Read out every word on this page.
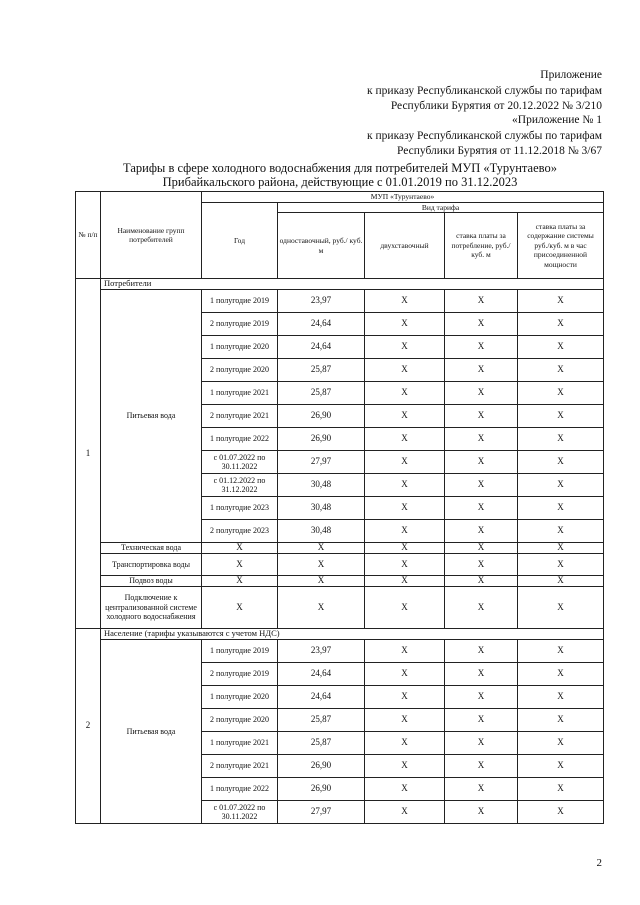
Приложение
к приказу Республиканской службы по тарифам
Республики Бурятия от 20.12.2022 № 3/210
«Приложение № 1
к приказу Республиканской службы по тарифам
Республики Бурятия от 11.12.2018 № 3/67
Тарифы в сфере холодного водоснабжения для потребителей МУП «Турунтаево»
Прибайкальского района, действующие с 01.01.2019 по 31.12.2023
№ п/п	Наименование групп потребителей	МУП «Турунтаево»				
		Год	Вид тарифа			
			одноставочный, руб./ куб. м	двухставочный	ставка платы за потребление, руб./ куб. м	ставка платы за содержание системы руб./куб. м в час присоединенной мощности
1	Потребители					
	Питьевая вода	1 полугодие 2019	23,97	Х	Х	Х
		2 полугодие 2019	24,64	Х	Х	Х
		1 полугодие 2020	24,64	Х	Х	Х
		2 полугодие 2020	25,87	Х	Х	Х
		1 полугодие 2021	25,87	Х	Х	Х
		2 полугодие 2021	26,90	Х	Х	Х
		1 полугодие 2022	26,90	Х	Х	Х
		с 01.07.2022 по 30.11.2022	27,97	Х	Х	Х
		с 01.12.2022 по 31.12.2022	30,48	Х	Х	Х
		1 полугодие 2023	30,48	Х	Х	Х
		2 полугодие 2023	30,48	Х	Х	Х
	Техническая вода	Х	Х	Х	Х	Х
	Транспортировка воды	Х	Х	Х	Х	Х
	Подвоз воды	Х	Х	Х	Х	Х
	Подключение к централизованной системе холодного водоснабжения	Х	Х	Х	Х	Х
2	Население (тарифы указываются с учетом НДС)					
	Питьевая вода	1 полугодие 2019	23,97	Х	Х	Х
		2 полугодие 2019	24,64	Х	Х	Х
		1 полугодие 2020	24,64	Х	Х	Х
		2 полугодие 2020	25,87	Х	Х	Х
		1 полугодие 2021	25,87	Х	Х	Х
		2 полугодие 2021	26,90	Х	Х	Х
		1 полугодие 2022	26,90	Х	Х	Х
		с 01.07.2022 по 30.11.2022	27,97	Х	Х	Х
2
